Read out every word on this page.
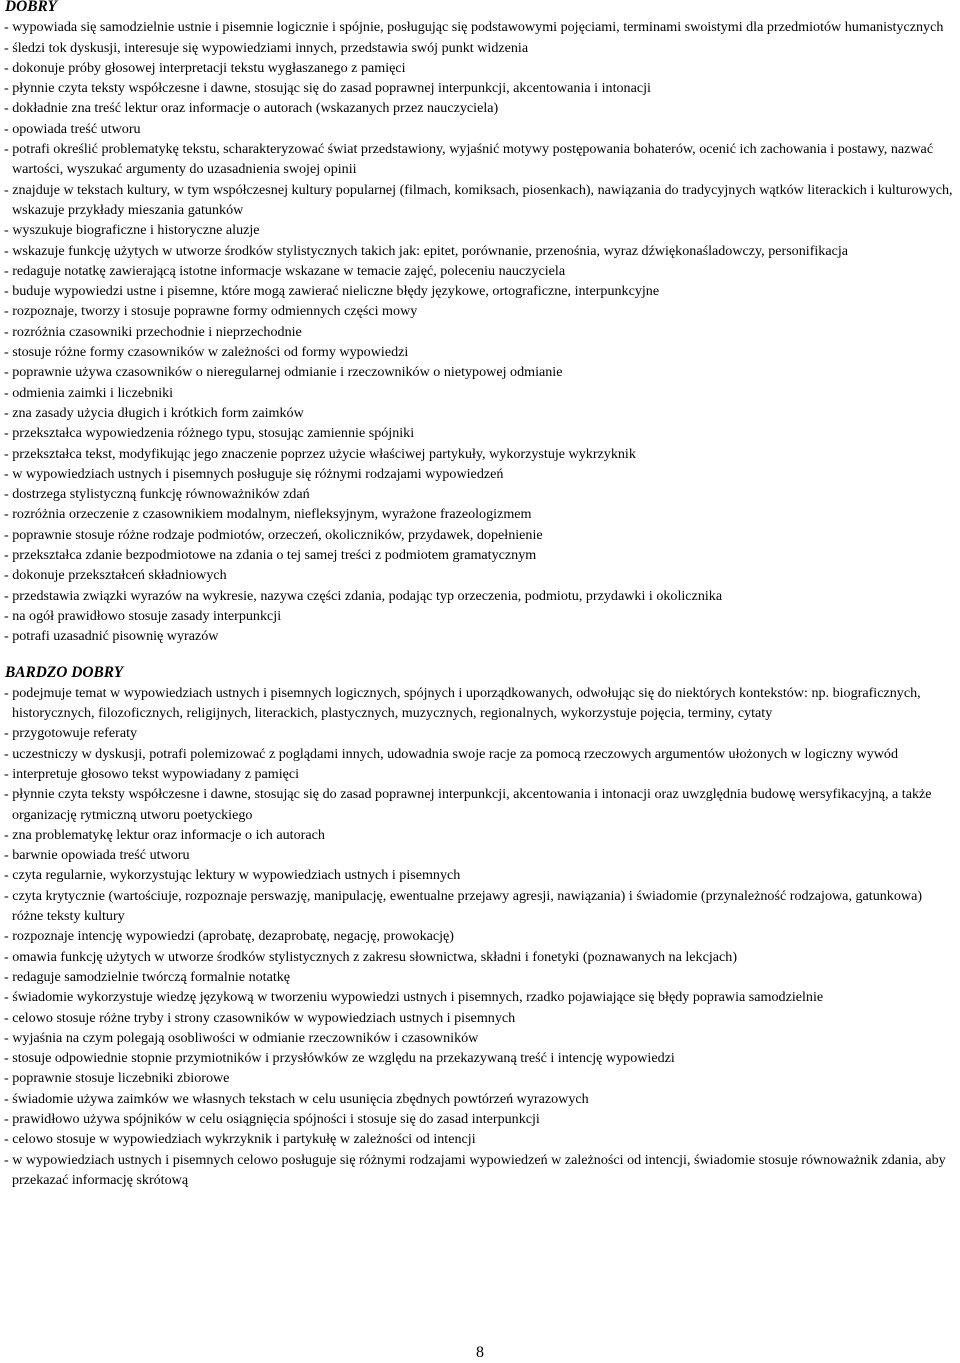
DOBRY
- wypowiada się samodzielnie ustnie i pisemnie logicznie i spójnie, posługując się podstawowymi pojęciami, terminami swoistymi dla przedmiotów humanistycznych
- śledzi tok dyskusji, interesuje się wypowiedziami innych, przedstawia swój punkt widzenia
- dokonuje próby głosowej interpretacji tekstu wygłaszanego z pamięci
- płynnie czyta teksty współczesne i dawne, stosując się do zasad poprawnej interpunkcji, akcentowania i intonacji
- dokładnie zna treść lektur oraz informacje o autorach (wskazanych przez nauczyciela)
- opowiada treść utworu
- potrafi określić problematykę tekstu, scharakteryzować świat przedstawiony, wyjaśnić motywy postępowania bohaterów, ocenić ich zachowania i postawy, nazwać wartości, wyszukać argumenty do uzasadnienia swojej opinii
- znajduje w tekstach kultury, w tym współczesnej kultury popularnej (filmach, komiksach, piosenkach), nawiązania do tradycyjnych wątków literackich i kulturowych, wskazuje przykłady mieszania gatunków
- wyszukuje biograficzne i historyczne aluzje
- wskazuje funkcję użytych w utworze środków stylistycznych takich jak: epitet, porównanie, przenośnia, wyraz dźwiękonaśladowczy, personifikacja
- redaguje notatkę zawierającą istotne informacje wskazane w temacie zajęć, poleceniu nauczyciela
- buduje wypowiedzi ustne i pisemne, które mogą zawierać nieliczne błędy językowe, ortograficzne, interpunkcyjne
- rozpoznaje, tworzy i stosuje poprawne formy odmiennych części mowy
- rozróżnia czasowniki przechodnie i nieprzechodnie
- stosuje różne formy czasowników w zależności od formy wypowiedzi
- poprawnie używa czasowników o nieregularnej odmianie i rzeczowników o nietypowej odmianie
- odmienia zaimki i liczebniki
- zna zasady użycia długich i krótkich form zaimków
- przekształca wypowiedzenia różnego typu, stosując zamiennie spójniki
- przekształca tekst, modyfikując jego znaczenie poprzez użycie właściwej partykuły, wykorzystuje wykrzyknik
- w wypowiedziach ustnych i pisemnych posługuje się różnymi rodzajami wypowiedzeń
- dostrzega stylistyczną funkcję równoważników zdań
- rozróżnia orzeczenie z czasownikiem modalnym, niefleksyjnym, wyrażone frazeologizmem
- poprawnie stosuje różne rodzaje podmiotów, orzeczeń, okoliczników, przydawek, dopełnienie
- przekształca zdanie bezpodmiotowe na zdania o tej samej treści z podmiotem gramatycznym
- dokonuje przekształceń składniowych
- przedstawia związki wyrazów na wykresie, nazywa części zdania, podając typ orzeczenia, podmiotu, przydawki i okolicznika
- na ogół prawidłowo stosuje zasady interpunkcji
- potrafi uzasadnić pisownię wyrazów
BARDZO DOBRY
- podejmuje temat w wypowiedziach ustnych i pisemnych logicznych, spójnych i uporządkowanych, odwołując się do niektórych kontekstów: np. biograficznych, historycznych, filozoficznych, religijnych, literackich, plastycznych, muzycznych, regionalnych, wykorzystuje pojęcia, terminy, cytaty
- przygotowuje referaty
- uczestniczy w dyskusji, potrafi polemizować z poglądami innych, udowadnia swoje racje za pomocą rzeczowych argumentów ułożonych w logiczny wywód
- interpretuje głosowo tekst wypowiadany z pamięci
- płynnie czyta teksty współczesne i dawne, stosując się do zasad poprawnej interpunkcji, akcentowania i intonacji oraz uwzględnia budowę wersyfikacyjną, a także organizację rytmiczną utworu poetyckiego
- zna problematykę lektur oraz informacje o ich autorach
- barwnie opowiada treść utworu
- czyta regularnie, wykorzystując lektury w wypowiedziach ustnych i pisemnych
- czyta krytycznie (wartościuje, rozpoznaje perswazję, manipulację, ewentualne przejawy agresji, nawiązania) i świadomie (przynależność rodzajowa, gatunkowa) różne teksty kultury
- rozpoznaje intencję wypowiedzi (aprobatę, dezaprobatę, negację, prowokację)
- omawia funkcję użytych w utworze środków stylistycznych z zakresu słownictwa, składni i fonetyki (poznawanych na lekcjach)
- redaguje samodzielnie twórczą formalnie notatkę
- świadomie wykorzystuje wiedzę językową w tworzeniu wypowiedzi ustnych i pisemnych, rzadko pojawiające się błędy poprawia samodzielnie
- celowo stosuje różne tryby i strony czasowników w wypowiedziach ustnych i pisemnych
- wyjaśnia na czym polegają osobliwości w odmianie rzeczowników i czasowników
- stosuje odpowiednie stopnie przymiotników i przysłówków ze względu na przekazywaną treść i intencję wypowiedzi
- poprawnie stosuje liczebniki zbiorowe
- świadomie używa zaimków we własnych tekstach w celu usunięcia zbędnych powtórzeń wyrazowych
- prawidłowo używa spójników w celu osiągnięcia spójności i stosuje się do zasad interpunkcji
- celowo stosuje w wypowiedziach wykrzyknik i partykułę w zależności od intencji
- w wypowiedziach ustnych i pisemnych celowo posługuje się różnymi rodzajami wypowiedzeń w zależności od intencji, świadomie stosuje równoważnik zdania, aby przekazać informację skrótową
8
